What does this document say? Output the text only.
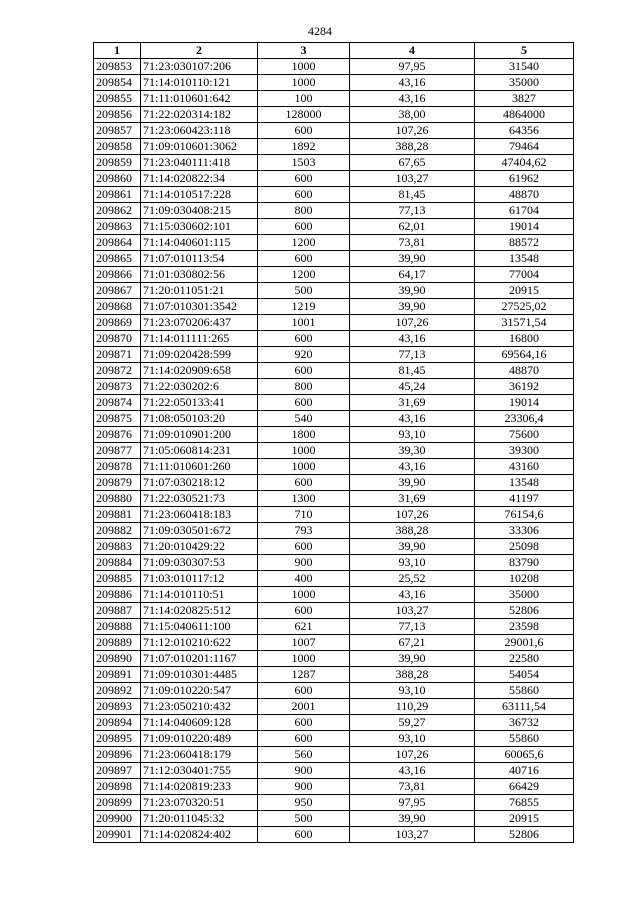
4284
1	2	3	4	5
209853	71:23:030107:206	1000	97,95	31540
209854	71:14:010110:121	1000	43,16	35000
209855	71:11:010601:642	100	43,16	3827
209856	71:22:020314:182	128000	38,00	4864000
209857	71:23:060423:118	600	107,26	64356
209858	71:09:010601:3062	1892	388,28	79464
209859	71:23:040111:418	1503	67,65	47404,62
209860	71:14:020822:34	600	103,27	61962
209861	71:14:010517:228	600	81,45	48870
209862	71:09:030408:215	800	77,13	61704
209863	71:15:030602:101	600	62,01	19014
209864	71:14:040601:115	1200	73,81	88572
209865	71:07:010113:54	600	39,90	13548
209866	71:01:030802:56	1200	64,17	77004
209867	71:20:011051:21	500	39,90	20915
209868	71:07:010301:3542	1219	39,90	27525,02
209869	71:23:070206:437	1001	107,26	31571,54
209870	71:14:011111:265	600	43,16	16800
209871	71:09:020428:599	920	77,13	69564,16
209872	71:14:020909:658	600	81,45	48870
209873	71:22:030202:6	800	45,24	36192
209874	71:22:050133:41	600	31,69	19014
209875	71:08:050103:20	540	43,16	23306,4
209876	71:09:010901:200	1800	93,10	75600
209877	71:05:060814:231	1000	39,30	39300
209878	71:11:010601:260	1000	43,16	43160
209879	71:07:030218:12	600	39,90	13548
209880	71:22:030521:73	1300	31,69	41197
209881	71:23:060418:183	710	107,26	76154,6
209882	71:09:030501:672	793	388,28	33306
209883	71:20:010429:22	600	39,90	25098
209884	71:09:030307:53	900	93,10	83790
209885	71:03:010117:12	400	25,52	10208
209886	71:14:010110:51	1000	43,16	35000
209887	71:14:020825:512	600	103,27	52806
209888	71:15:040611:100	621	77,13	23598
209889	71:12:010210:622	1007	67,21	29001,6
209890	71:07:010201:1167	1000	39,90	22580
209891	71:09:010301:4485	1287	388,28	54054
209892	71:09:010220:547	600	93,10	55860
209893	71:23:050210:432	2001	110,29	63111,54
209894	71:14:040609:128	600	59,27	36732
209895	71:09:010220:489	600	93,10	55860
209896	71:23:060418:179	560	107,26	60065,6
209897	71:12:030401:755	900	43,16	40716
209898	71:14:020819:233	900	73,81	66429
209899	71:23:070320:51	950	97,95	76855
209900	71:20:011045:32	500	39,90	20915
209901	71:14:020824:402	600	103,27	52806
